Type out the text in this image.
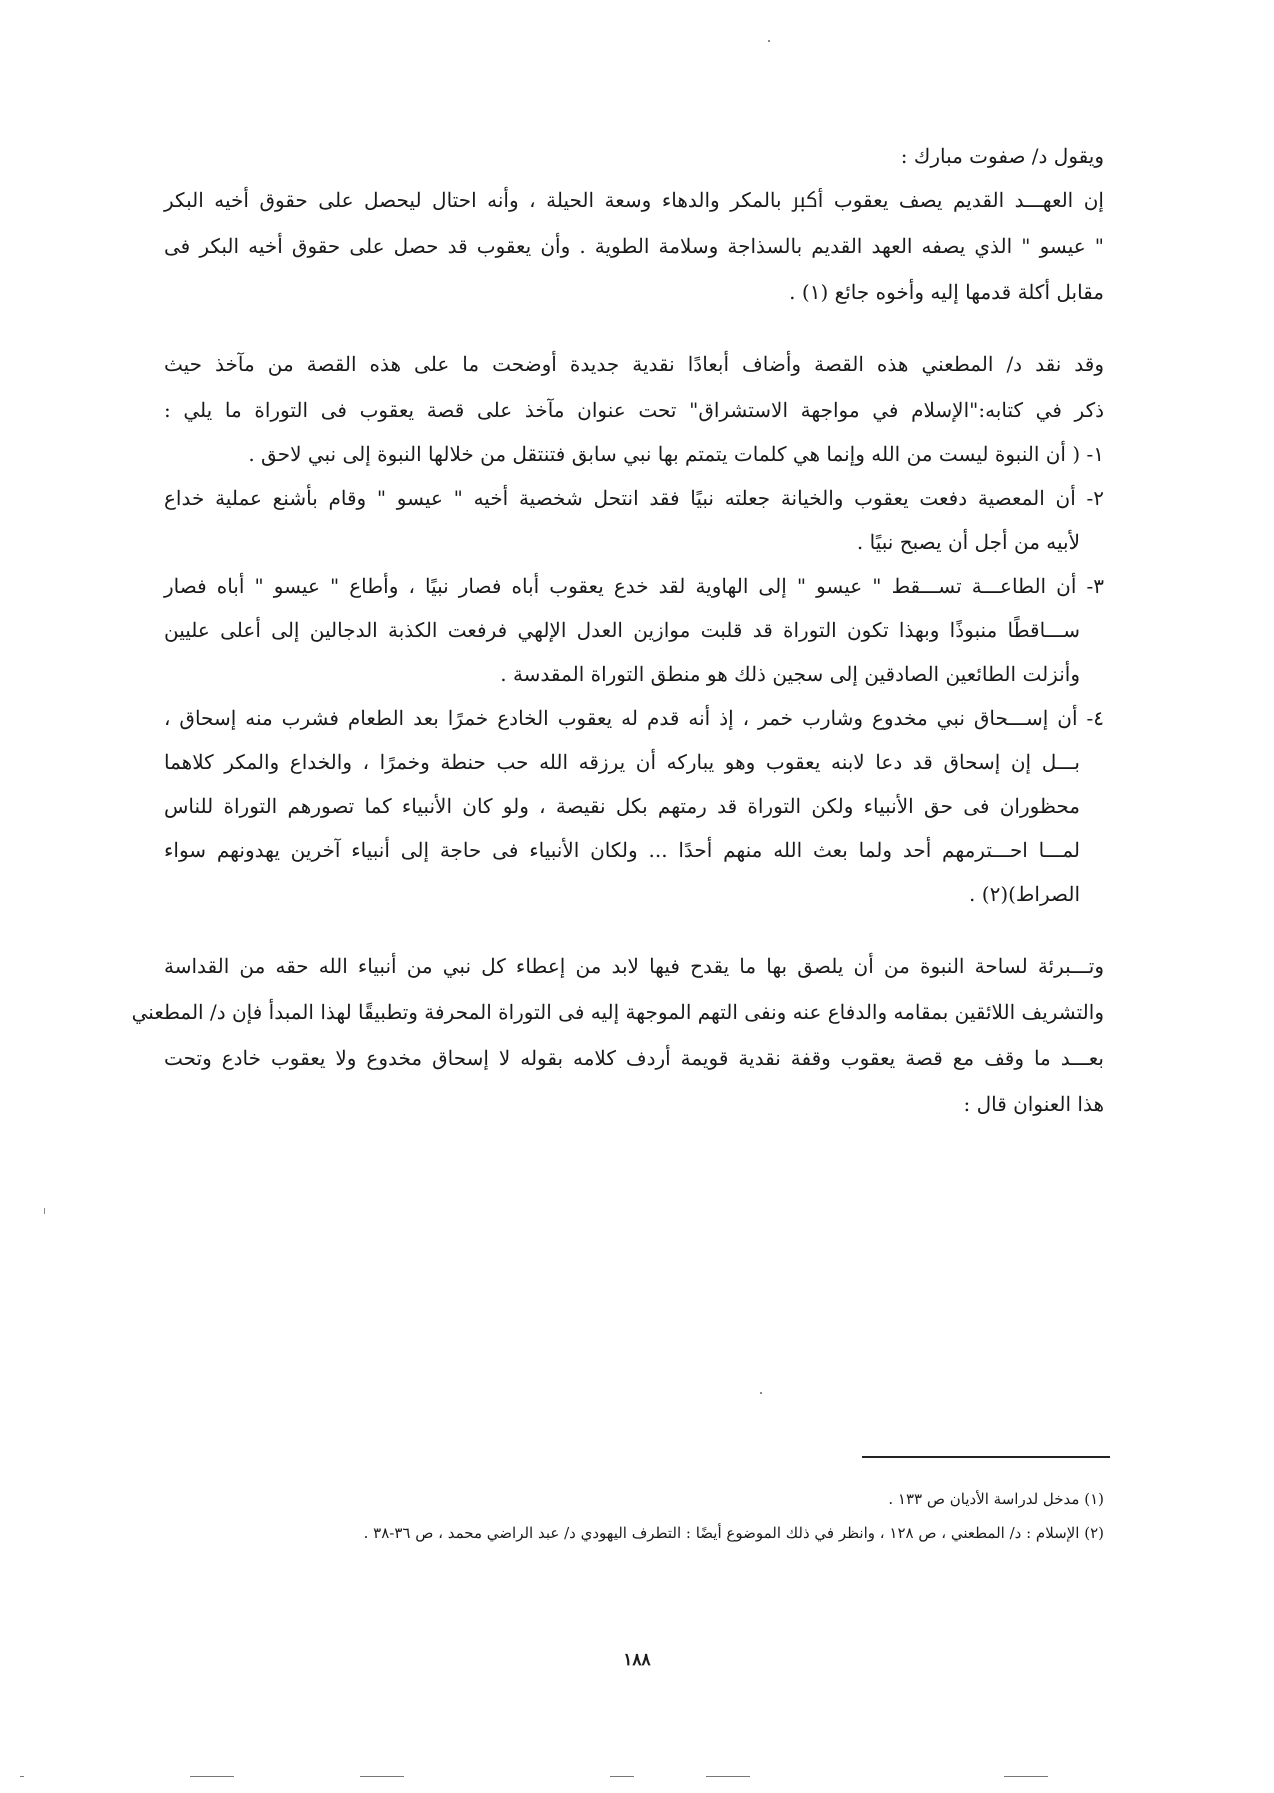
ويقول د/ صفوت مبارك :
إن العهـــد القديم يصف يعقوب ﷳ بالمكر والدهاء وسعة الحيلة ، وأنه احتال ليحصل على حقوق أخيه البكر
" عيسو " الذي يصفه العهد القديم بالسذاجة وسلامة الطوية . وأن يعقوب قد حصل على حقوق أخيه البكر فى
مقابل أكلة قدمها إليه وأخوه جائع (١) .
وقد نقد د/ المطعني هذه القصة وأضاف أبعادًا نقدية جديدة أوضحت ما على هذه القصة من مآخذ حيث
ذكر في كتابه:"الإسلام في مواجهة الاستشراق" تحت عنوان مآخذ على قصة يعقوب فى التوراة ما يلي :
١- ( أن النبوة ليست من الله وإنما هي كلمات يتمتم بها نبي سابق فتنتقل من خلالها النبوة إلى نبي لاحق .
٢- أن المعصية دفعت يعقوب والخيانة جعلته نبيًا فقد انتحل شخصية أخيه " عيسو " وقام بأشنع عملية خداع
لأبيه من أجل أن يصبح نبيًا .
٣- أن الطاعـــة تســـقط " عيسو " إلى الهاوية لقد خدع يعقوب أباه فصار نبيًا ، وأطاع " عيسو " أباه فصار
ســـاقطًا منبوذًا وبهذا تكون التوراة قد قلبت موازين العدل الإلهي فرفعت الكذبة الدجالين إلى أعلى عليين
وأنزلت الطائعين الصادقين إلى سجين ذلك هو منطق التوراة المقدسة .
٤- أن إســـحاق نبي مخدوع وشارب خمر ، إذ أنه قدم له يعقوب الخادع خمرًا بعد الطعام فشرب منه إسحاق ،
بـــل إن إسحاق قد دعا لابنه يعقوب وهو يباركه أن يرزقه الله حب حنطة وخمرًا ، والخداع والمكر كلاهما
محظوران فى حق الأنبياء ولكن التوراة قد رمتهم بكل نقيصة ، ولو كان الأنبياء كما تصورهم التوراة للناس
لمـــا احـــترمهم أحد ولما بعث الله منهم أحدًا ... ولكان الأنبياء فى حاجة إلى أنبياء آخرين يهدونهم سواء
الصراط)(٢) .
وتـــبرئة لساحة النبوة من أن يلصق بها ما يقدح فيها لابد من إعطاء كل نبي من أنبياء الله حقه من القداسة
والتشريف اللائقين بمقامه والدفاع عنه ونفى التهم الموجهة إليه فى التوراة المحرفة وتطبيقًا لهذا المبدأ فإن د/ المطعني
بعـــد ما وقف مع قصة يعقوب وقفة نقدية قويمة أردف كلامه بقوله لا إسحاق مخدوع ولا يعقوب خادع وتحت
هذا العنوان قال :
(١) مدخل لدراسة الأديان ص ١٣٣ .
(٢) الإسلام : د/ المطعني ، ص ١٢٨ ، وانظر في ذلك الموضوع أيضًا : التطرف اليهودي د/ عبد الراضي محمد ، ص ٣٦-٣٨ .
١٨٨
